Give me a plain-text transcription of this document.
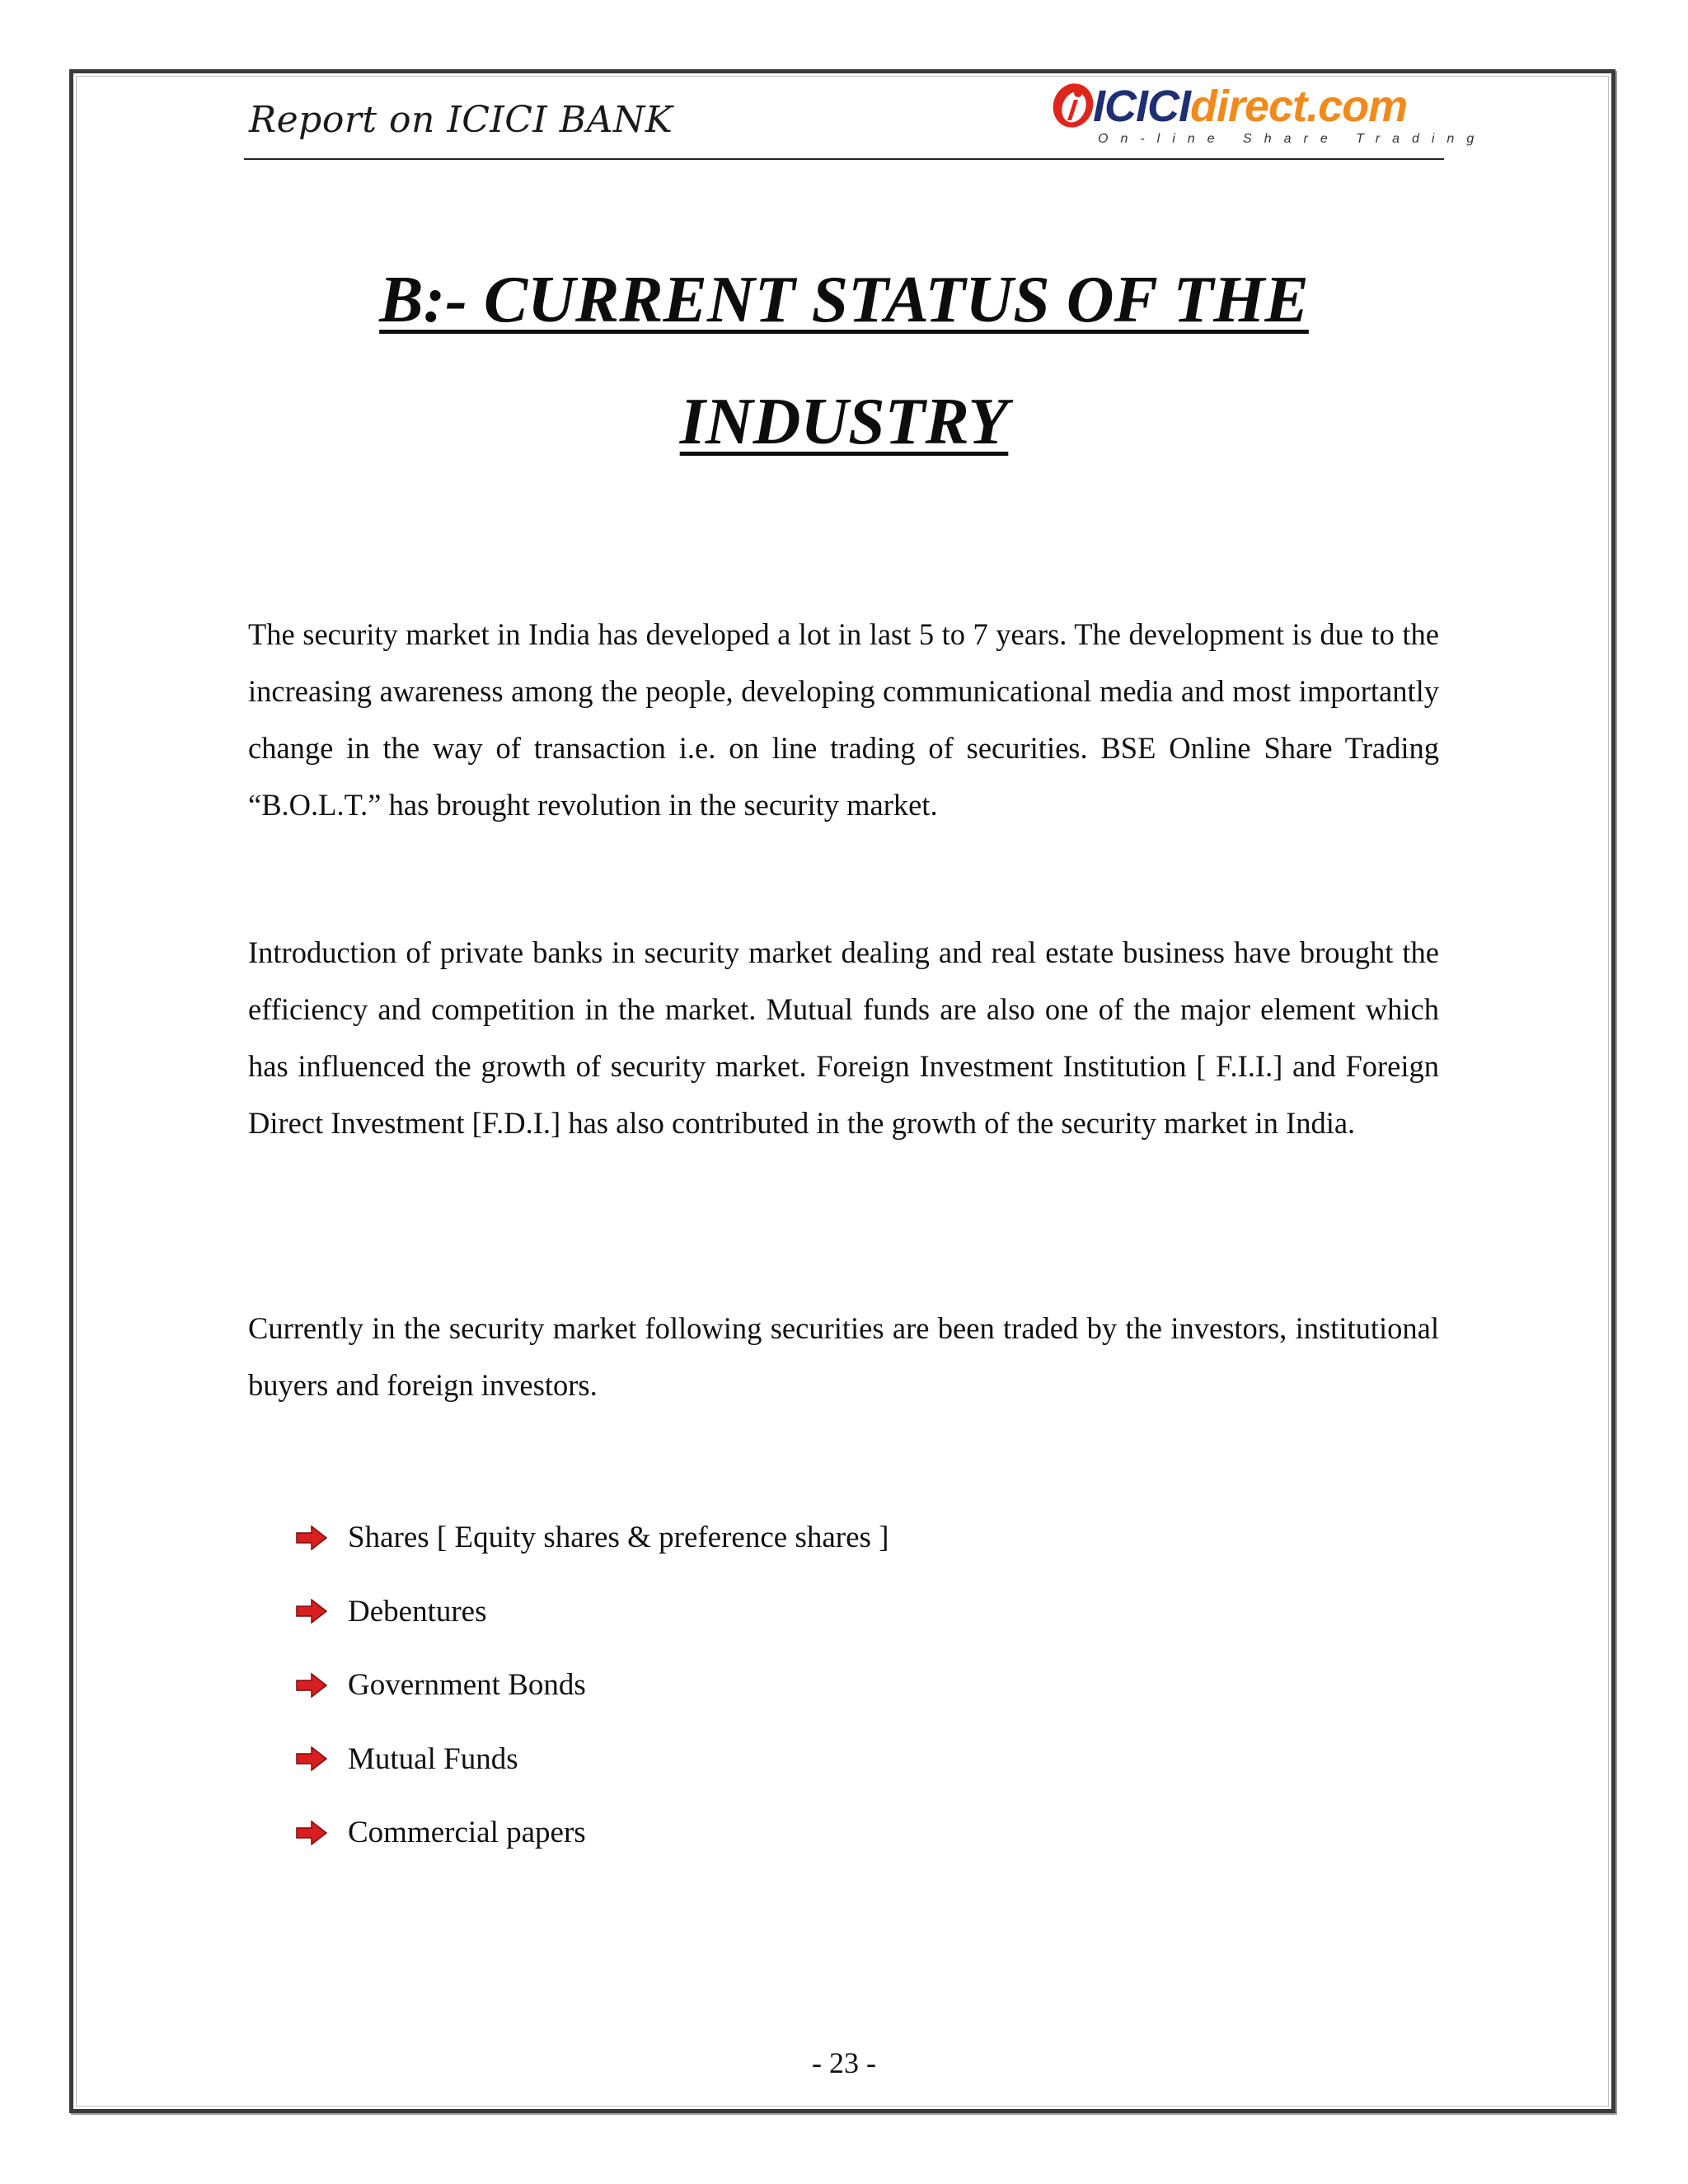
Report on ICICI BANK	ICICIdirect.com
On-line Share Trading
B:- CURRENT STATUS OF THE
INDUSTRY

The security market in India has developed a lot in last 5 to 7 years. The development is due to the increasing awareness among the people, developing communicational media and most importantly change in the way of transaction i.e. on line trading of securities. BSE Online Share Trading “B.O.L.T.” has brought revolution in the security market.

Introduction of private banks in security market dealing and real estate business have brought the efficiency and competition in the market. Mutual funds are also one of the major element which has influenced the growth of security market. Foreign Investment Institution [ F.I.I.] and Foreign Direct Investment [F.D.I.] has also contributed in the growth of the security market in India.

Currently in the security market following securities are been traded by the investors, institutional buyers and foreign investors.

Shares [ Equity shares & preference shares ]
Debentures
Government Bonds
Mutual Funds
Commercial papers
- 23 -
